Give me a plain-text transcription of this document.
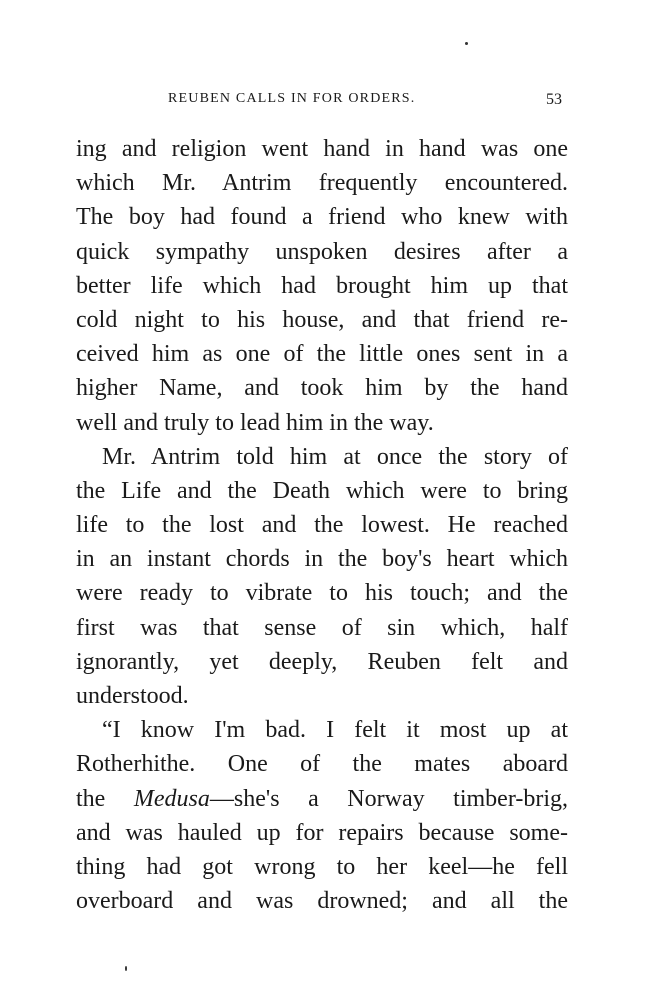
REUBEN CALLS IN FOR ORDERS.	53
ing and religion went hand in hand was one
which Mr. Antrim frequently encountered.
The boy had found a friend who knew with
quick sympathy unspoken desires after a
better life which had brought him up that
cold night to his house, and that friend re-
ceived him as one of the little ones sent in a
higher Name, and took him by the hand
well and truly to lead him in the way.
Mr. Antrim told him at once the story of
the Life and the Death which were to bring
life to the lost and the lowest. He reached
in an instant chords in the boy's heart which
were ready to vibrate to his touch; and the
first was that sense of sin which, half
ignorantly, yet deeply, Reuben felt and
understood.
“I know I'm bad. I felt it most up at
Rotherhithe. One of the mates aboard
the Medusa—she's a Norway timber-brig,
and was hauled up for repairs because some-
thing had got wrong to her keel—he fell
overboard and was drowned; and all the
